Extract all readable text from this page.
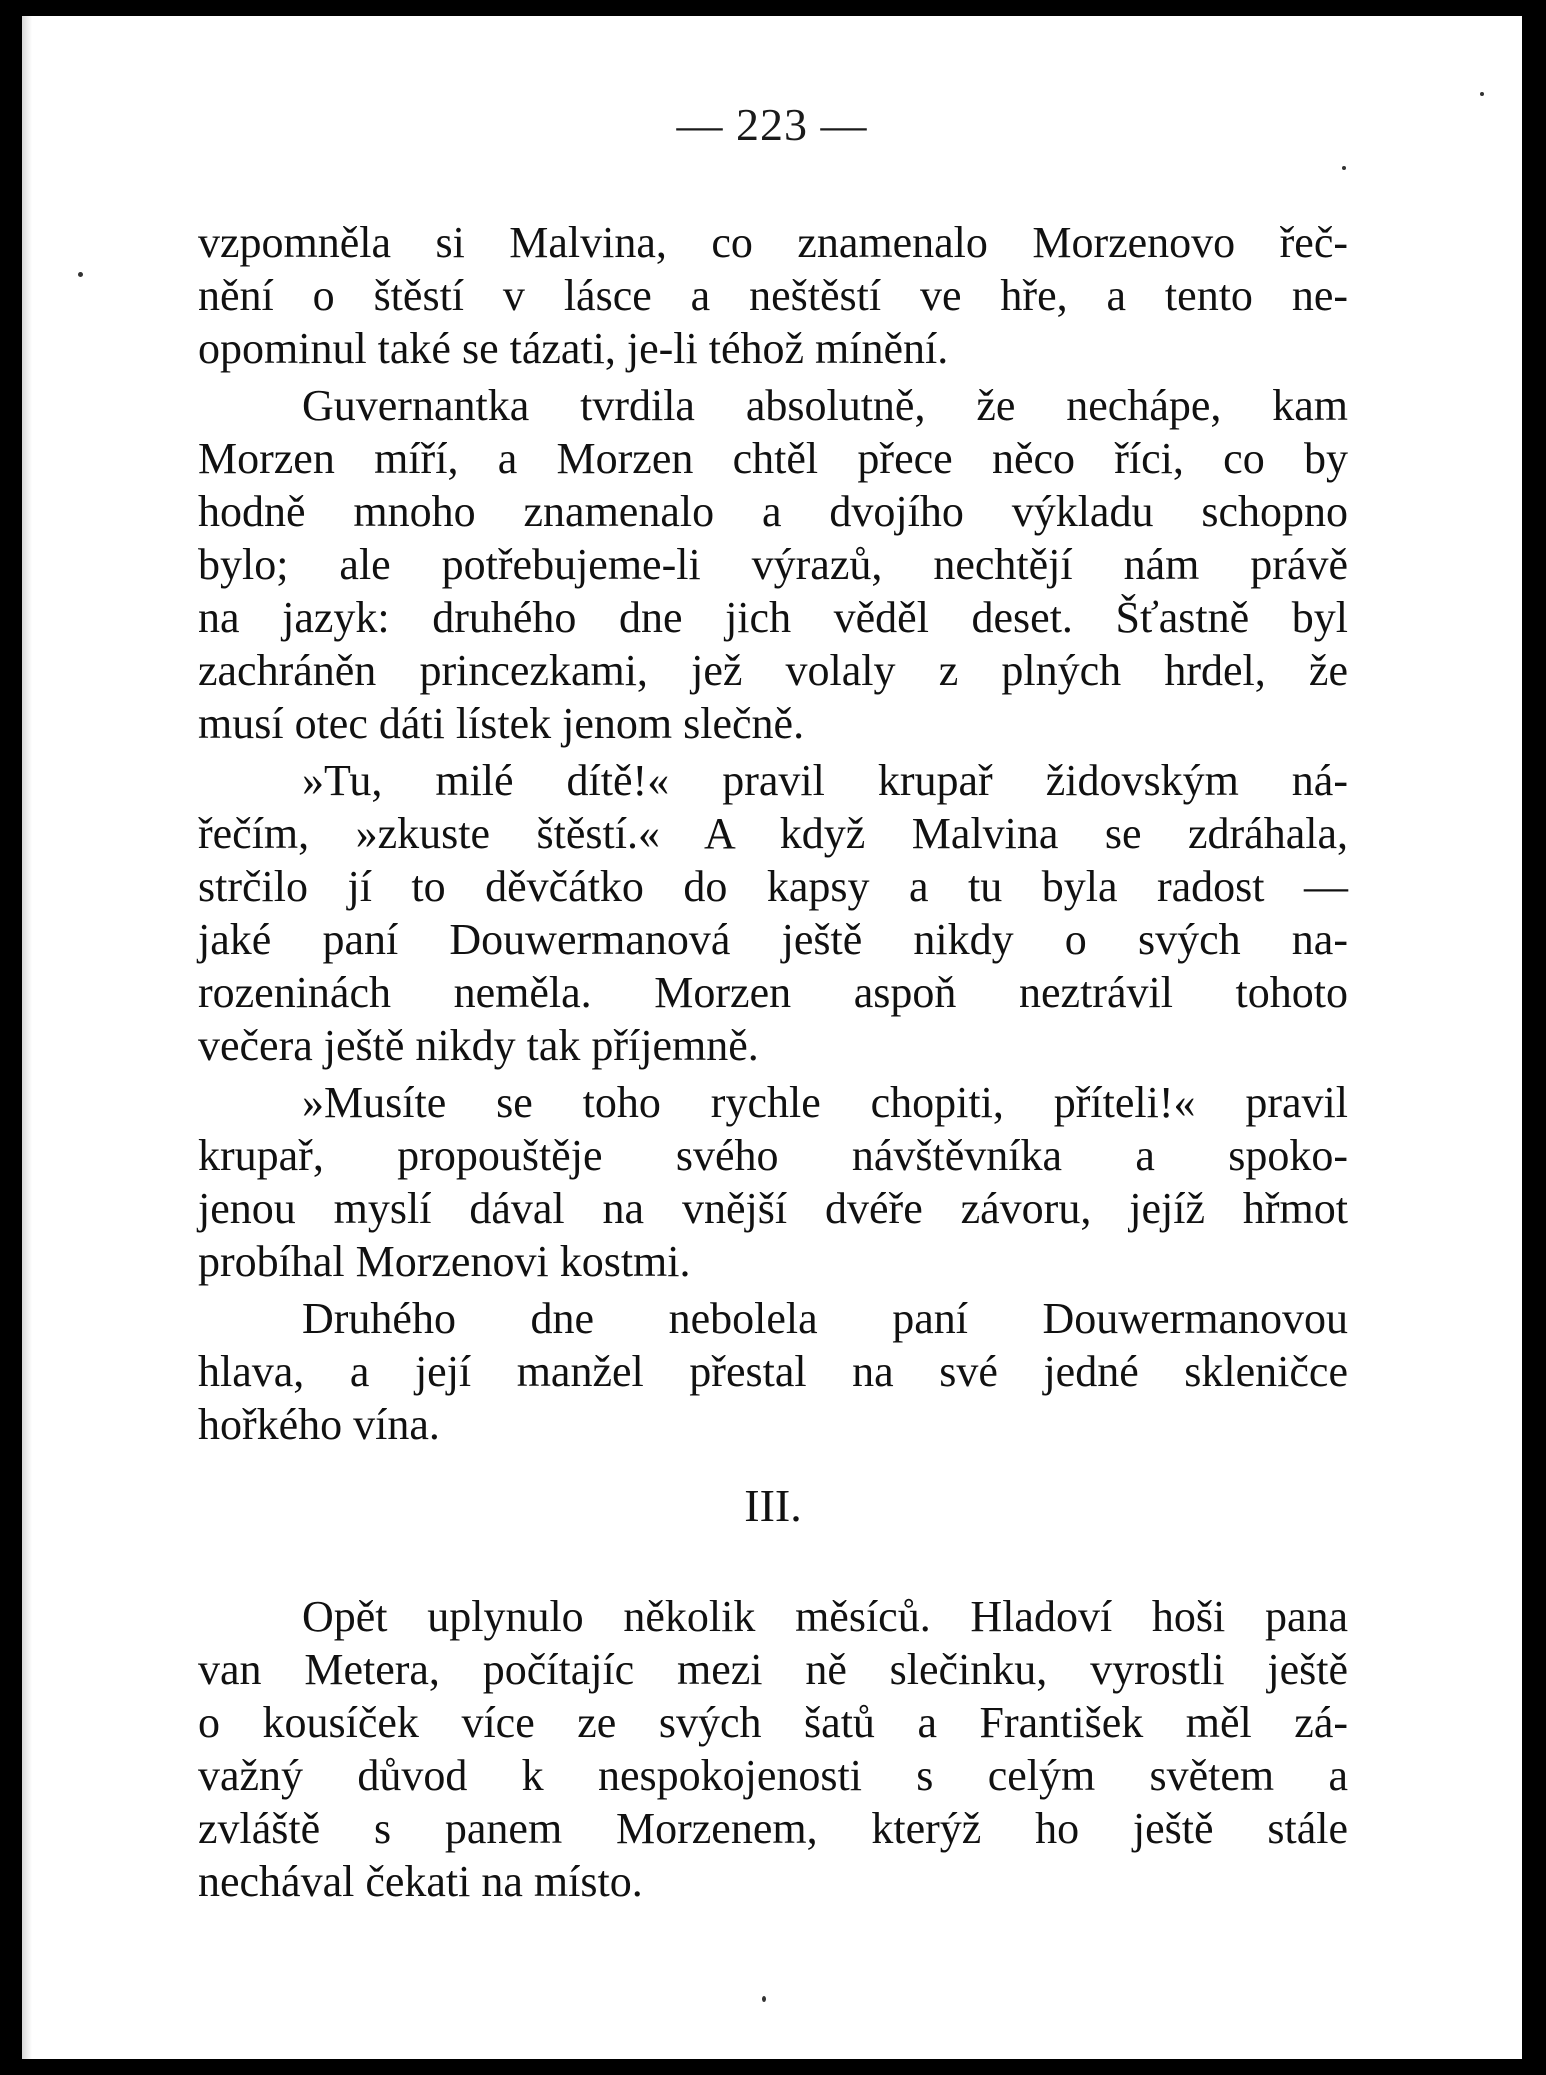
— 223 —

vzpomněla si Malvina, co znamenalo Morzenovo řeč-
nění o štěstí v lásce a neštěstí ve hře, a tento ne-
opominul také se tázati, je-li téhož mínění.

Guvernantka tvrdila absolutně, že nechápe, kam
Morzen míří, a Morzen chtěl přece něco říci, co by
hodně mnoho znamenalo a dvojího výkladu schopno
bylo; ale potřebujeme-li výrazů, nechtějí nám právě
na jazyk: druhého dne jich věděl deset. Šťastně byl
zachráněn princezkami, jež volaly z plných hrdel, že
musí otec dáti lístek jenom slečně.

»Tu, milé dítě!« pravil krupař židovským ná-
řečím, »zkuste štěstí.« A když Malvina se zdráhala,
strčilo jí to děvčátko do kapsy a tu byla radost —
jaké paní Douwermanová ještě nikdy o svých na-
rozeninách neměla. Morzen aspoň neztrávil tohoto
večera ještě nikdy tak příjemně.

»Musíte se toho rychle chopiti, příteli!« pravil
krupař, propouštěje svého návštěvníka a spoko-
jenou myslí dával na vnější dvéře závoru, jejíž hřmot
probíhal Morzenovi kostmi.

Druhého dne nebolela paní Douwermanovou
hlava, a její manžel přestal na své jedné skleničce
hořkého vína.

III.

Opět uplynulo několik měsíců. Hladoví hoši pana
van Metera, počítajíc mezi ně slečinku, vyrostli ještě
o kousíček více ze svých šatů a František měl zá-
važný důvod k nespokojenosti s celým světem a
zvláště s panem Morzenem, kterýž ho ještě stále
nechával čekati na místo.
